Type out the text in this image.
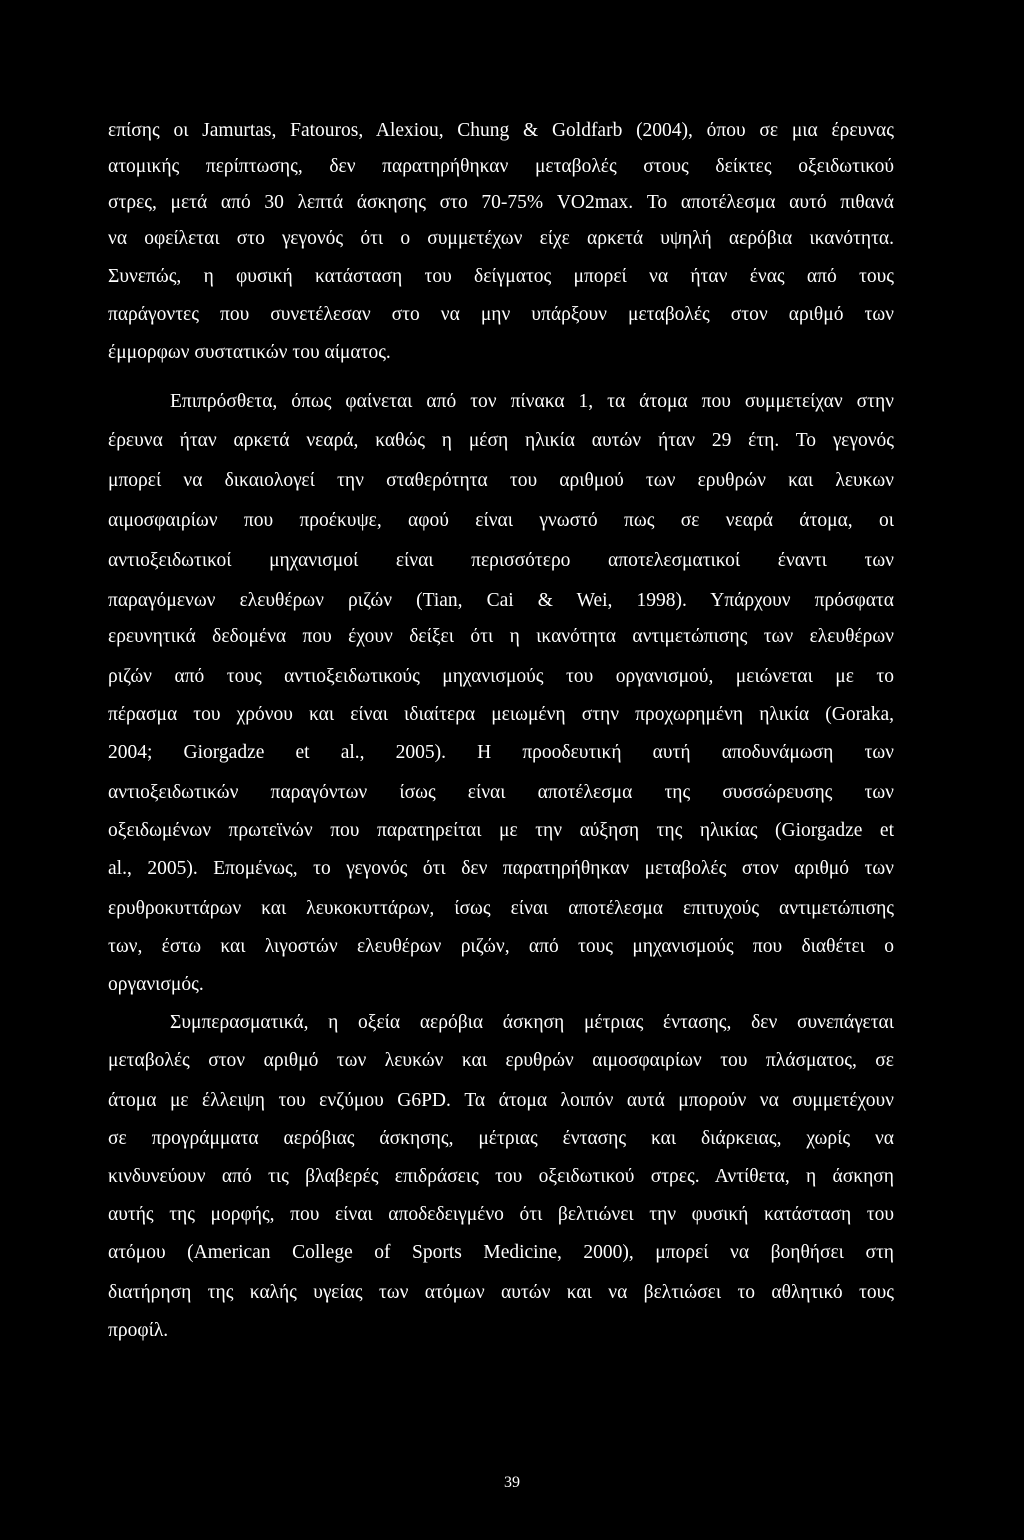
επίσης οι Jamurtas, Fatouros, Alexiou, Chung & Goldfarb (2004), όπου σε μια έρευνας
ατομικής περίπτωσης, δεν παρατηρήθηκαν μεταβολές στους δείκτες οξειδωτικού
στρες, μετά από 30 λεπτά άσκησης στο 70-75% VO2max. Το αποτέλεσμα αυτό πιθανά
να οφείλεται στο γεγονός ότι ο συμμετέχων είχε αρκετά υψηλή αερόβια ικανότητα.
Συνεπώς, η φυσική κατάσταση του δείγματος μπορεί να ήταν ένας από τους
παράγοντες που συνετέλεσαν στο να μην υπάρξουν μεταβολές στον αριθμό των
έμμορφων συστατικών του αίματος.
Επιπρόσθετα, όπως φαίνεται από τον πίνακα 1, τα άτομα που συμμετείχαν στην
έρευνα ήταν αρκετά νεαρά, καθώς η μέση ηλικία αυτών ήταν 29 έτη. Το γεγονός
μπορεί να δικαιολογεί την σταθερότητα του αριθμού των ερυθρών και λευκων
αιμοσφαιρίων που προέκυψε, αφού είναι γνωστό πως σε νεαρά άτομα, οι
αντιοξειδωτικοί μηχανισμοί είναι περισσότερο αποτελεσματικοί έναντι των
παραγόμενων ελευθέρων ριζών (Tian, Cai & Wei, 1998). Υπάρχουν πρόσφατα
ερευνητικά δεδομένα που έχουν δείξει ότι η ικανότητα αντιμετώπισης των ελευθέρων
ριζών από τους αντιοξειδωτικούς μηχανισμούς του οργανισμού, μειώνεται με το
πέρασμα του χρόνου και είναι ιδιαίτερα μειωμένη στην προχωρημένη ηλικία (Goraka,
2004; Giorgadze et al., 2005). Η προοδευτική αυτή αποδυνάμωση των
αντιοξειδωτικών παραγόντων ίσως είναι αποτέλεσμα της συσσώρευσης των
οξειδωμένων πρωτεϊνών που παρατηρείται με την αύξηση της ηλικίας (Giorgadze et
al., 2005). Επομένως, το γεγονός ότι δεν παρατηρήθηκαν μεταβολές στον αριθμό των
ερυθροκυττάρων και λευκοκυττάρων, ίσως είναι αποτέλεσμα επιτυχούς αντιμετώπισης
των, έστω και λιγοστών ελευθέρων ριζών, από τους μηχανισμούς που διαθέτει ο
οργανισμός.
Συμπερασματικά, η οξεία αερόβια άσκηση μέτριας έντασης, δεν συνεπάγεται
μεταβολές στον αριθμό των λευκών και ερυθρών αιμοσφαιρίων του πλάσματος, σε
άτομα με έλλειψη του ενζύμου G6PD. Τα άτομα λοιπόν αυτά μπορούν να συμμετέχουν
σε προγράμματα αερόβιας άσκησης, μέτριας έντασης και διάρκειας, χωρίς να
κινδυνεύουν από τις βλαβερές επιδράσεις του οξειδωτικού στρες. Αντίθετα, η άσκηση
αυτής της μορφής, που είναι αποδεδειγμένο ότι βελτιώνει την φυσική κατάσταση του
ατόμου (American College of Sports Medicine, 2000), μπορεί να βοηθήσει στη
διατήρηση της καλής υγείας των ατόμων αυτών και να βελτιώσει το αθλητικό τους
προφίλ.
39
